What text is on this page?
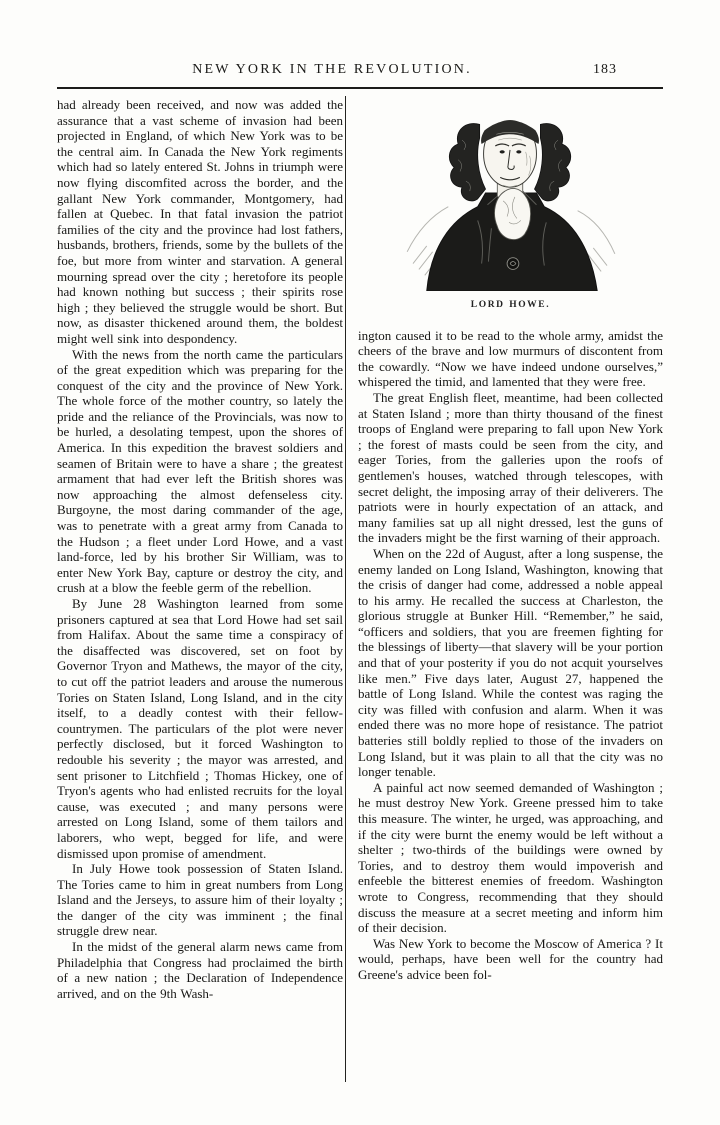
NEW YORK IN THE REVOLUTION.	183

had already been received, and now was added the assurance that a vast scheme of invasion had been projected in England, of which New York was to be the central aim. In Canada the New York regiments which had so lately entered St. Johns in triumph were now flying discomfited across the border, and the gallant New York commander, Montgomery, had fallen at Quebec. In that fatal invasion the patriot families of the city and the province had lost fathers, husbands, brothers, friends, some by the bullets of the foe, but more from winter and starvation. A general mourning spread over the city ; heretofore its people had known nothing but success ; their spirits rose high ; they believed the struggle would be short. But now, as disaster thickened around them, the boldest might well sink into despondency.

With the news from the north came the particulars of the great expedition which was preparing for the conquest of the city and the province of New York. The whole force of the mother country, so lately the pride and the reliance of the Provincials, was now to be hurled, a desolating tempest, upon the shores of America. In this expedition the bravest soldiers and seamen of Britain were to have a share ; the greatest armament that had ever left the British shores was now approaching the almost defenseless city. Burgoyne, the most daring commander of the age, was to penetrate with a great army from Canada to the Hudson ; a fleet under Lord Howe, and a vast land-force, led by his brother Sir William, was to enter New York Bay, capture or destroy the city, and crush at a blow the feeble germ of the rebellion.

By June 28 Washington learned from some prisoners captured at sea that Lord Howe had set sail from Halifax. About the same time a conspiracy of the disaffected was discovered, set on foot by Governor Tryon and Mathews, the mayor of the city, to cut off the patriot leaders and arouse the numerous Tories on Staten Island, Long Island, and in the city itself, to a deadly contest with their fellow-countrymen. The particulars of the plot were never perfectly disclosed, but it forced Washington to redouble his severity ; the mayor was arrested, and sent prisoner to Litchfield ; Thomas Hickey, one of Tryon's agents who had enlisted recruits for the loyal cause, was executed ; and many persons were arrested on Long Island, some of them tailors and laborers, who wept, begged for life, and were dismissed upon promise of amendment.

In July Howe took possession of Staten Island. The Tories came to him in great numbers from Long Island and the Jerseys, to assure him of their loyalty ; the danger of the city was imminent ; the final struggle drew near.

In the midst of the general alarm news came from Philadelphia that Congress had proclaimed the birth of a new nation ; the Declaration of Independence arrived, and on the 9th Wash-

LORD HOWE.

ington caused it to be read to the whole army, amidst the cheers of the brave and low murmurs of discontent from the cowardly. “Now we have indeed undone ourselves,” whispered the timid, and lamented that they were free.

The great English fleet, meantime, had been collected at Staten Island ; more than thirty thousand of the finest troops of England were preparing to fall upon New York ; the forest of masts could be seen from the city, and eager Tories, from the galleries upon the roofs of gentlemen's houses, watched through telescopes, with secret delight, the imposing array of their deliverers. The patriots were in hourly expectation of an attack, and many families sat up all night dressed, lest the guns of the invaders might be the first warning of their approach.

When on the 22d of August, after a long suspense, the enemy landed on Long Island, Washington, knowing that the crisis of danger had come, addressed a noble appeal to his army. He recalled the success at Charleston, the glorious struggle at Bunker Hill. “Remember,” he said, “officers and soldiers, that you are freemen fighting for the blessings of liberty—that slavery will be your portion and that of your posterity if you do not acquit yourselves like men.” Five days later, August 27, happened the battle of Long Island. While the contest was raging the city was filled with confusion and alarm. When it was ended there was no more hope of resistance. The patriot batteries still boldly replied to those of the invaders on Long Island, but it was plain to all that the city was no longer tenable.

A painful act now seemed demanded of Washington ; he must destroy New York. Greene pressed him to take this measure. The winter, he urged, was approaching, and if the city were burnt the enemy would be left without a shelter ; two-thirds of the buildings were owned by Tories, and to destroy them would impoverish and enfeeble the bitterest enemies of freedom. Washington wrote to Congress, recommending that they should discuss the measure at a secret meeting and inform him of their decision.

Was New York to become the Moscow of America ? It would, perhaps, have been well for the country had Greene's advice been fol-
